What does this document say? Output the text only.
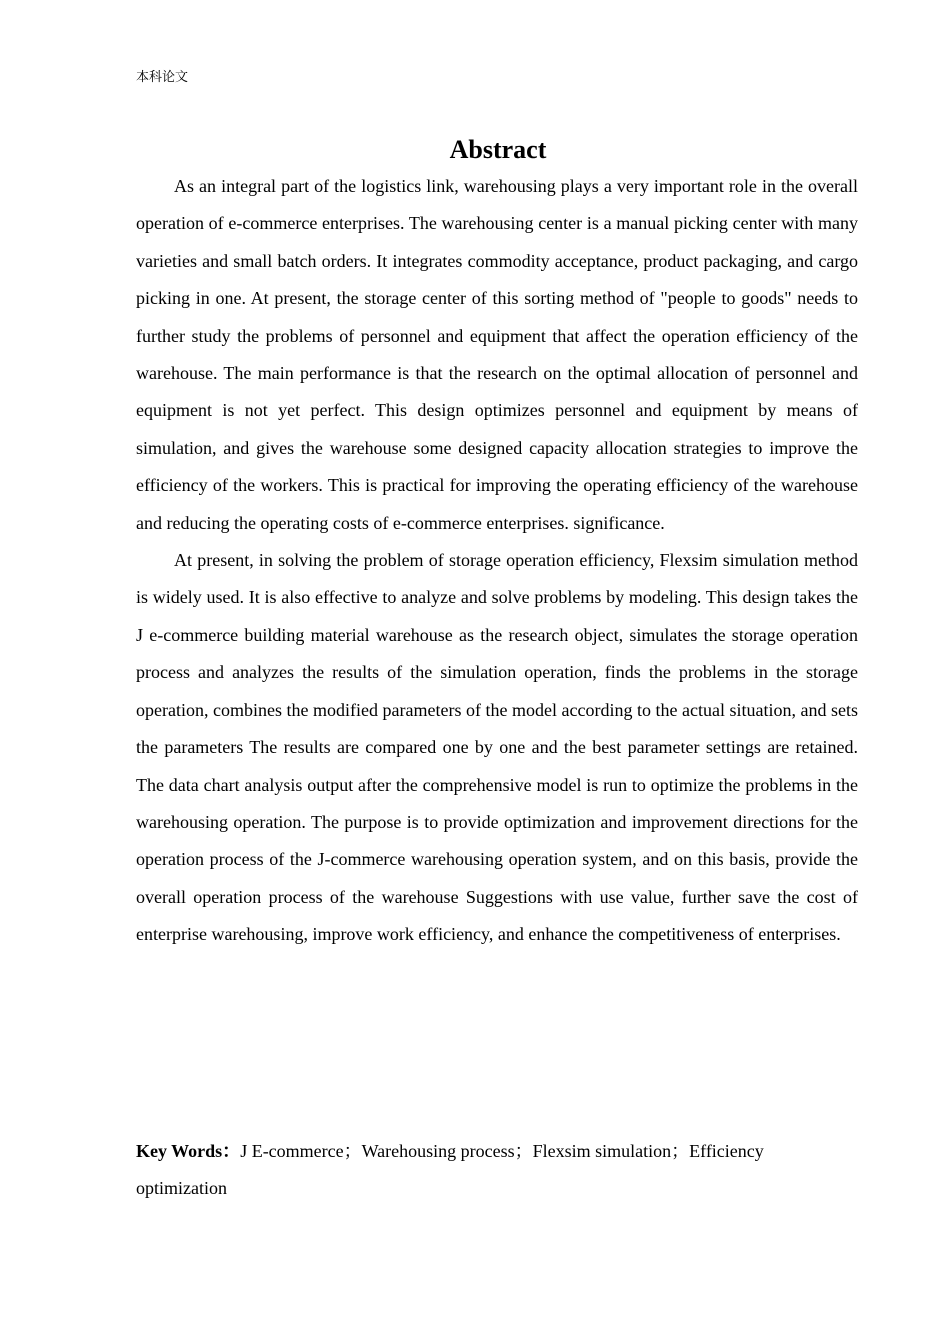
本科论文
Abstract

As an integral part of the logistics link, warehousing plays a very important role in the overall operation of e-commerce enterprises. The warehousing center is a manual picking center with many varieties and small batch orders. It integrates commodity acceptance, product packaging, and cargo picking in one. At present, the storage center of this sorting method of "people to goods" needs to further study the problems of personnel and equipment that affect the operation efficiency of the warehouse. The main performance is that the research on the optimal allocation of personnel and equipment is not yet perfect. This design optimizes personnel and equipment by means of simulation, and gives the warehouse some designed capacity allocation strategies to improve the efficiency of the workers. This is practical for improving the operating efficiency of the warehouse and reducing the operating costs of e-commerce enterprises. significance.

At present, in solving the problem of storage operation efficiency, Flexsim simulation method is widely used. It is also effective to analyze and solve problems by modeling. This design takes the J e-commerce building material warehouse as the research object, simulates the storage operation process and analyzes the results of the simulation operation, finds the problems in the storage operation, combines the modified parameters of the model according to the actual situation, and sets the parameters The results are compared one by one and the best parameter settings are retained. The data chart analysis output after the comprehensive model is run to optimize the problems in the warehousing operation. The purpose is to provide optimization and improvement directions for the operation process of the J-commerce warehousing operation system, and on this basis, provide the overall operation process of the warehouse Suggestions with use value, further save the cost of enterprise warehousing, improve work efficiency, and enhance the competitiveness of enterprises.

Key Words：J E-commerce；Warehousing process；Flexsim simulation；Efficiency optimization
